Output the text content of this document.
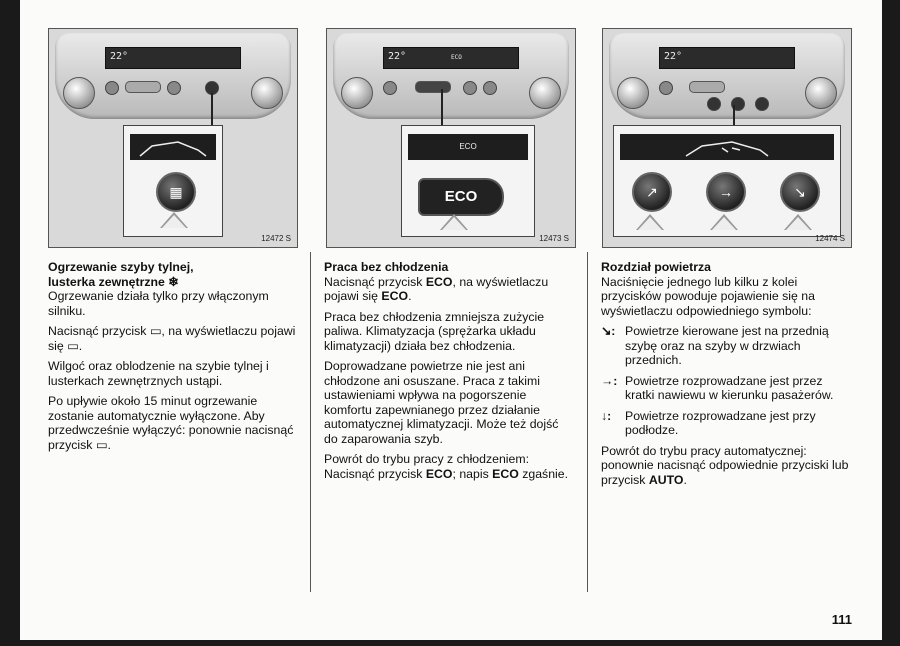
22°
▦
12472 S
22°	ECO
ECO
ECO
12473 S
22°
↗	→	↘
12474 S
Ogrzewanie szyby tylnej,
lusterka zewnętrzne ❄

Ogrzewanie działa tylko przy włączonym silniku.

Nacisnąć przycisk ▭, na wyświetlaczu pojawi się ▭.

Wilgoć oraz oblodzenie na szybie tylnej i lusterkach zewnętrznych ustąpi.

Po upływie około 15 minut ogrzewanie zostanie automatycznie wyłączone. Aby przedwcześnie wyłączyć: ponownie nacisnąć przycisk ▭.

Praca bez chłodzenia

Nacisnąć przycisk ECO, na wyświetlaczu pojawi się ECO.

Praca bez chłodzenia zmniejsza zużycie paliwa. Klimatyzacja (sprężarka układu klimatyzacji) działa bez chłodzenia.

Doprowadzane powietrze nie jest ani chłodzone ani osuszane. Praca z takimi ustawieniami wpływa na pogorszenie komfortu zapewnianego przez działanie automatycznej klimatyzacji. Może też dojść do zaparowania szyb.

Powrót do trybu pracy z chłodzeniem: Nacisnąć przycisk ECO; napis ECO zgaśnie.

Rozdział powietrza

Naciśnięcie jednego lub kilku z kolei przycisków powoduje pojawienie się na wyświetlaczu odpowiedniego symbolu:

↘: Powietrze kierowane jest na przednią szybę oraz na szyby w drzwiach przednich.
→: Powietrze rozprowadzane jest przez kratki nawiewu w kierunku pasażerów.
↓:	Powietrze rozprowadzane jest przy podłodze.

Powrót do trybu pracy automatycznej: ponownie nacisnąć odpowiednie przyciski lub przycisk AUTO.

111
